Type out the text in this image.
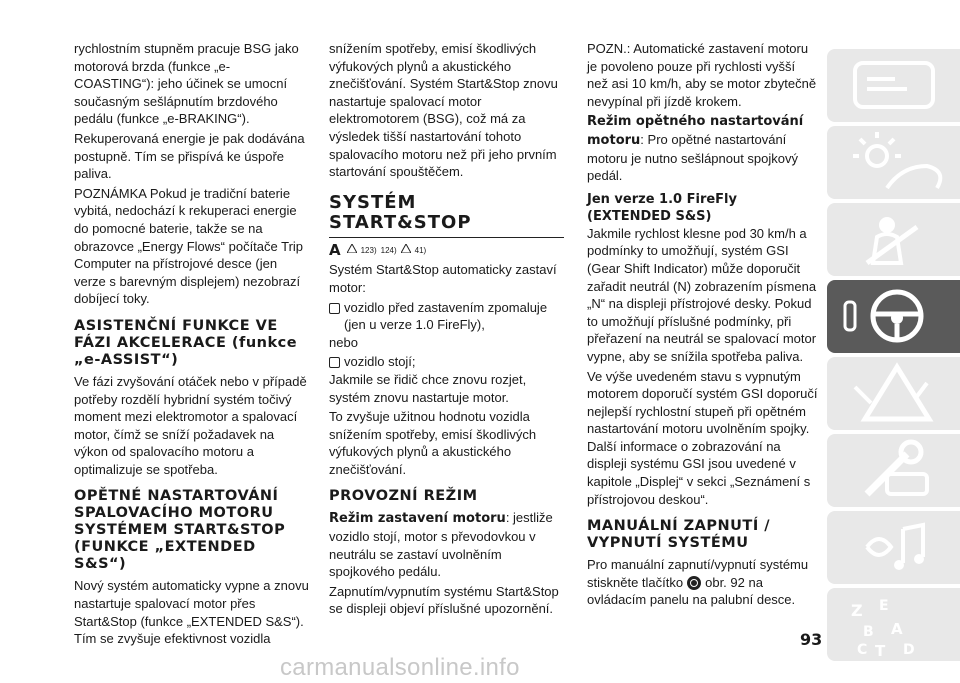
rychlostním stupněm pracuje BSG jako motorová brzda (funkce „e-COASTING“): jeho účinek se umocní současným sešlápnutím brzdového pedálu (funkce „e-BRAKING“).

Rekuperovaná energie je pak dodávána postupně. Tím se přispívá ke úspoře paliva.

POZNÁMKA Pokud je tradiční baterie vybitá, nedochází k rekuperaci energie do pomocné baterie, takže se na obrazovce „Energy Flows“ počítače Trip Computer na přístrojové desce (jen verze s barevným displejem) nezobrazí dobíjecí toky.

ASISTENČNÍ FUNKCE VE FÁZI AKCELERACE (funkce „e-ASSIST“)

Ve fázi zvyšování otáček nebo v případě potřeby rozdělí hybridní systém točivý moment mezi elektromotor a spalovací motor, čímž se sníží požadavek na výkon od spalovacího motoru a optimalizuje se spotřeba.

OPĚTNÉ NASTARTOVÁNÍ SPALOVACÍHO MOTORU SYSTÉMEM START&STOP (FUNKCE „EXTENDED S&S“)

Nový systém automaticky vypne a znovu nastartuje spalovací motor přes Start&Stop (funkce „EXTENDED S&S“). Tím se zvyšuje efektivnost vozidla

snížením spotřeby, emisí škodlivých výfukových plynů a akustického znečišťování. Systém Start&Stop znovu nastartuje spalovací motor elektromotorem (BSG), což má za výsledek tišší nastartování tohoto spalovacího motoru než při jeho prvním startování spouštěčem.

SYSTÉM START&STOP
A	123) 124) 41)

Systém Start&Stop automaticky zastaví motor:

vozidlo před zastavením zpomaluje (jen u verze 1.0 FireFly),

nebo

vozidlo stojí;

Jakmile se řidič chce znovu rozjet, systém znovu nastartuje motor.

To zvyšuje užitnou hodnotu vozidla snížením spotřeby, emisí škodlivých výfukových plynů a akustického znečišťování.

PROVOZNÍ REŽIM

Režim zastavení motoru: jestliže vozidlo stojí, motor s převodovkou v neutrálu se zastaví uvolněním spojkového pedálu.

Zapnutím/vypnutím systému Start&Stop se displeji objeví příslušné upozornění.

POZN.: Automatické zastavení motoru je povoleno pouze při rychlosti vyšší než asi 10 km/h, aby se motor zbytečně nevypínal při jízdě krokem.

Režim opětného nastartování motoru: Pro opětné nastartování motoru je nutno sešlápnout spojkový pedál.

Jen verze 1.0 FireFly (EXTENDED S&S)

Jakmile rychlost klesne pod 30 km/h a podmínky to umožňují, systém GSI (Gear Shift Indicator) může doporučit zařadit neutrál (N) zobrazením písmena „N“ na displeji přístrojové desky. Pokud to umožňují příslušné podmínky, při přeřazení na neutrál se spalovací motor vypne, aby se snížila spotřeba paliva.

Ve výše uvedeném stavu s vypnutým motorem doporučí systém GSI doporučí nejlepší rychlostní stupeň při opětném nastartování motoru uvolněním spojky. Další informace o zobrazování na displeji systému GSI jsou uvedené v kapitole „Displej“ v sekci „Seznámení s přístrojovou deskou“.

MANUÁLNÍ ZAPNUTÍ / VYPNUTÍ SYSTÉMU

Pro manuální zapnutí/vypnutí systému stiskněte tlačítko obr. 92 na ovládacím panelu na palubní desce.

93
carmanualsonline.info
Z E
B A
C T D
